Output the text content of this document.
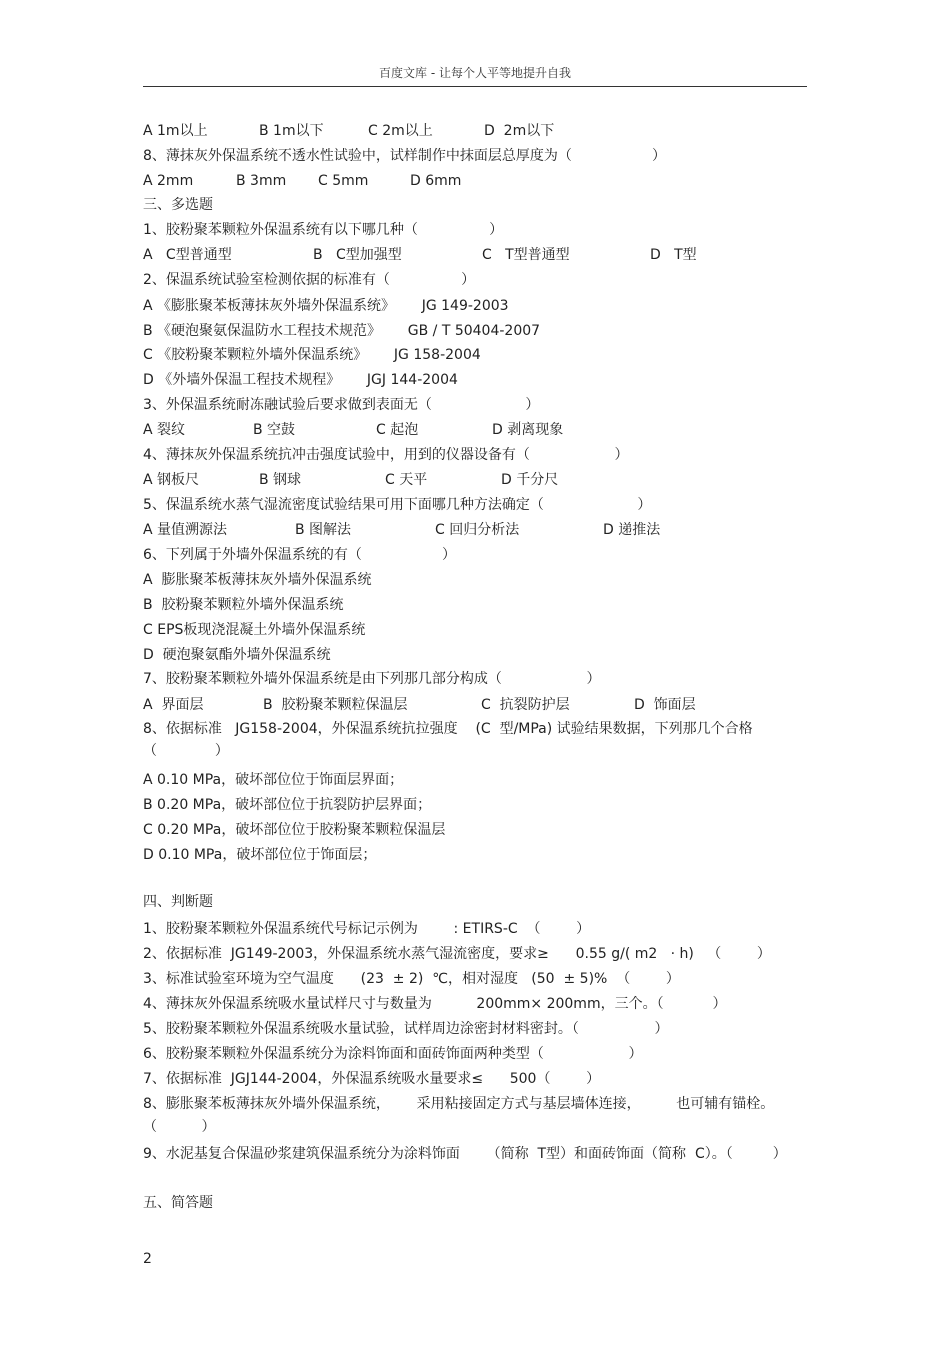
百度文库 - 让每个人平等地提升自我
A 1m以上	B 1m以下	C 2m以上	D  2m以下
8、薄抹灰外保温系统不透水性试验中，试样制作中抹面层总厚度为（                  ）
A 2mm	B 3mm C 5mm	D 6mm
三、多选题
1、胶粉聚苯颗粒外保温系统有以下哪几种（                ）
A   C型普通型	B   C型加强型	C   T型普通型	D   T型
2、保温系统试验室检测依据的标准有（                ）
A 《膨胀聚苯板薄抹灰外墙外保温系统》      JG 149-2003
B 《硬泡聚氨保温防水工程技术规范》      GB / T 50404-2007
C 《胶粉聚苯颗粒外墙外保温系统》      JG 158-2004
D 《外墙外保温工程技术规程》      JGJ 144-2004
3、外保温系统耐冻融试验后要求做到表面无（                     ）
A 裂纹	B 空鼓	C 起泡	D 剥离现象
4、薄抹灰外保温系统抗冲击强度试验中，用到的仪器设备有（                   ）
A 钢板尺	B 钢球	C 天平	D 千分尺
5、保温系统水蒸气湿流密度试验结果可用下面哪几种方法确定（                     ）
A 量值溯源法	B 图解法	C 回归分析法	D 递推法
6、下列属于外墙外保温系统的有（                  ）
A  膨胀聚苯板薄抹灰外墙外保温系统
B  胶粉聚苯颗粒外墙外保温系统
C EPS板现浇混凝土外墙外保温系统
D  硬泡聚氨酯外墙外保温系统
7、胶粉聚苯颗粒外墙外保温系统是由下列那几部分构成（                   ）
A  界面层	B  胶粉聚苯颗粒保温层	C  抗裂防护层	D  饰面层
8、依据标准   JG158-2004，外保温系统抗拉强度    (C  型/MPa) 试验结果数据，下列那几个合格
（             ）
A 0.10 MPa，破坏部位位于饰面层界面；
B 0.20 MPa，破坏部位位于抗裂防护层界面；
C 0.20 MPa，破坏部位位于胶粉聚苯颗粒保温层
D 0.10 MPa，破坏部位位于饰面层；
四、判断题
1、胶粉聚苯颗粒外保温系统代号标记示例为        : ETIRS-C  （        ）
2、依据标准  JG149-2003，外保温系统水蒸气湿流密度，要求≥      0.55 g/( m2   · h)   （        ）
3、标准试验室环境为空气温度      (23  ± 2)  ℃，相对湿度   (50  ± 5)%  （        ）
4、薄抹灰外保温系统吸水量试样尺寸与数量为          200mm× 200mm，三个。（           ）
5、胶粉聚苯颗粒外保温系统吸水量试验，试样周边涂密封材料密封。（                 ）
6、胶粉聚苯颗粒外保温系统分为涂料饰面和面砖饰面两种类型（                   ）
7、依据标准  JGJ144-2004，外保温系统吸水量要求≤      500（        ）
8、膨胀聚苯板薄抹灰外墙外保温系统，      采用粘接固定方式与基层墙体连接，        也可辅有锚栓。
（          ）
9、水泥基复合保温砂浆建筑保温系统分为涂料饰面      （简称  T型）和面砖饰面（简称  C）。（         ）
五、简答题
2
